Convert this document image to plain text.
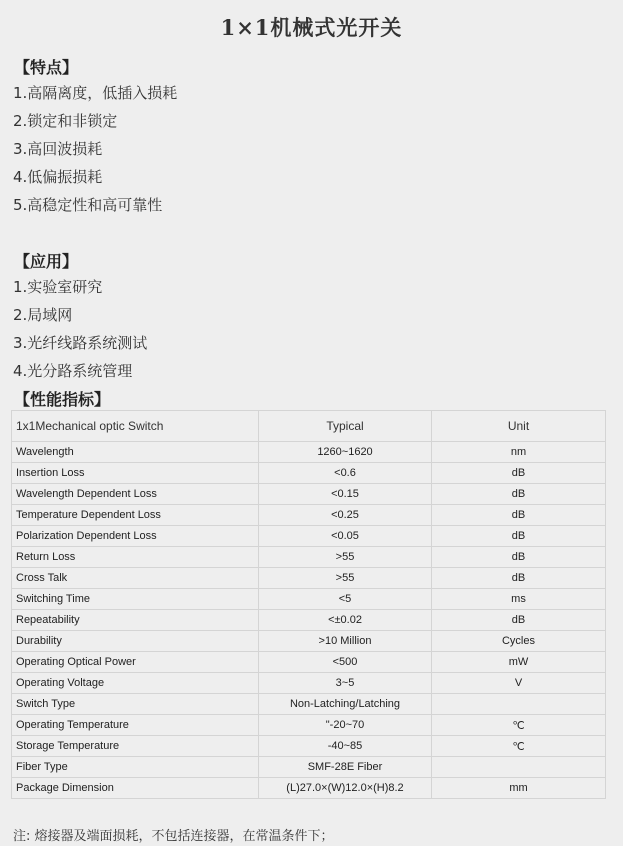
1×1机械式光开关
【特点】
1.高隔离度，低插入损耗
2.锁定和非锁定
3.高回波损耗
4.低偏振损耗
5.高稳定性和高可靠性
【应用】
1.实验室研究
2.局域网
3.光纤线路系统测试
4.光分路系统管理
【性能指标】
1x1Mechanical optic Switch	Typical	Unit
Wavelength	1260~1620	nm
Insertion Loss	<0.6	dB
Wavelength Dependent Loss	<0.15	dB
Temperature Dependent Loss	<0.25	dB
Polarization Dependent Loss	<0.05	dB
Return Loss	>55	dB
Cross Talk	>55	dB
Switching Time	<5	ms
Repeatability	<±0.02	dB
Durability	>10 Million	Cycles
Operating Optical Power	<500	mW
Operating Voltage	3~5	V
Switch Type	Non-Latching/Latching	
Operating Temperature	"-20~70	℃
Storage Temperature	-40~85	℃
Fiber Type	SMF-28E Fiber	
Package Dimension	(L)27.0×(W)12.0×(H)8.2	mm
注: 熔接器及端面损耗，不包括连接器，在常温条件下；
